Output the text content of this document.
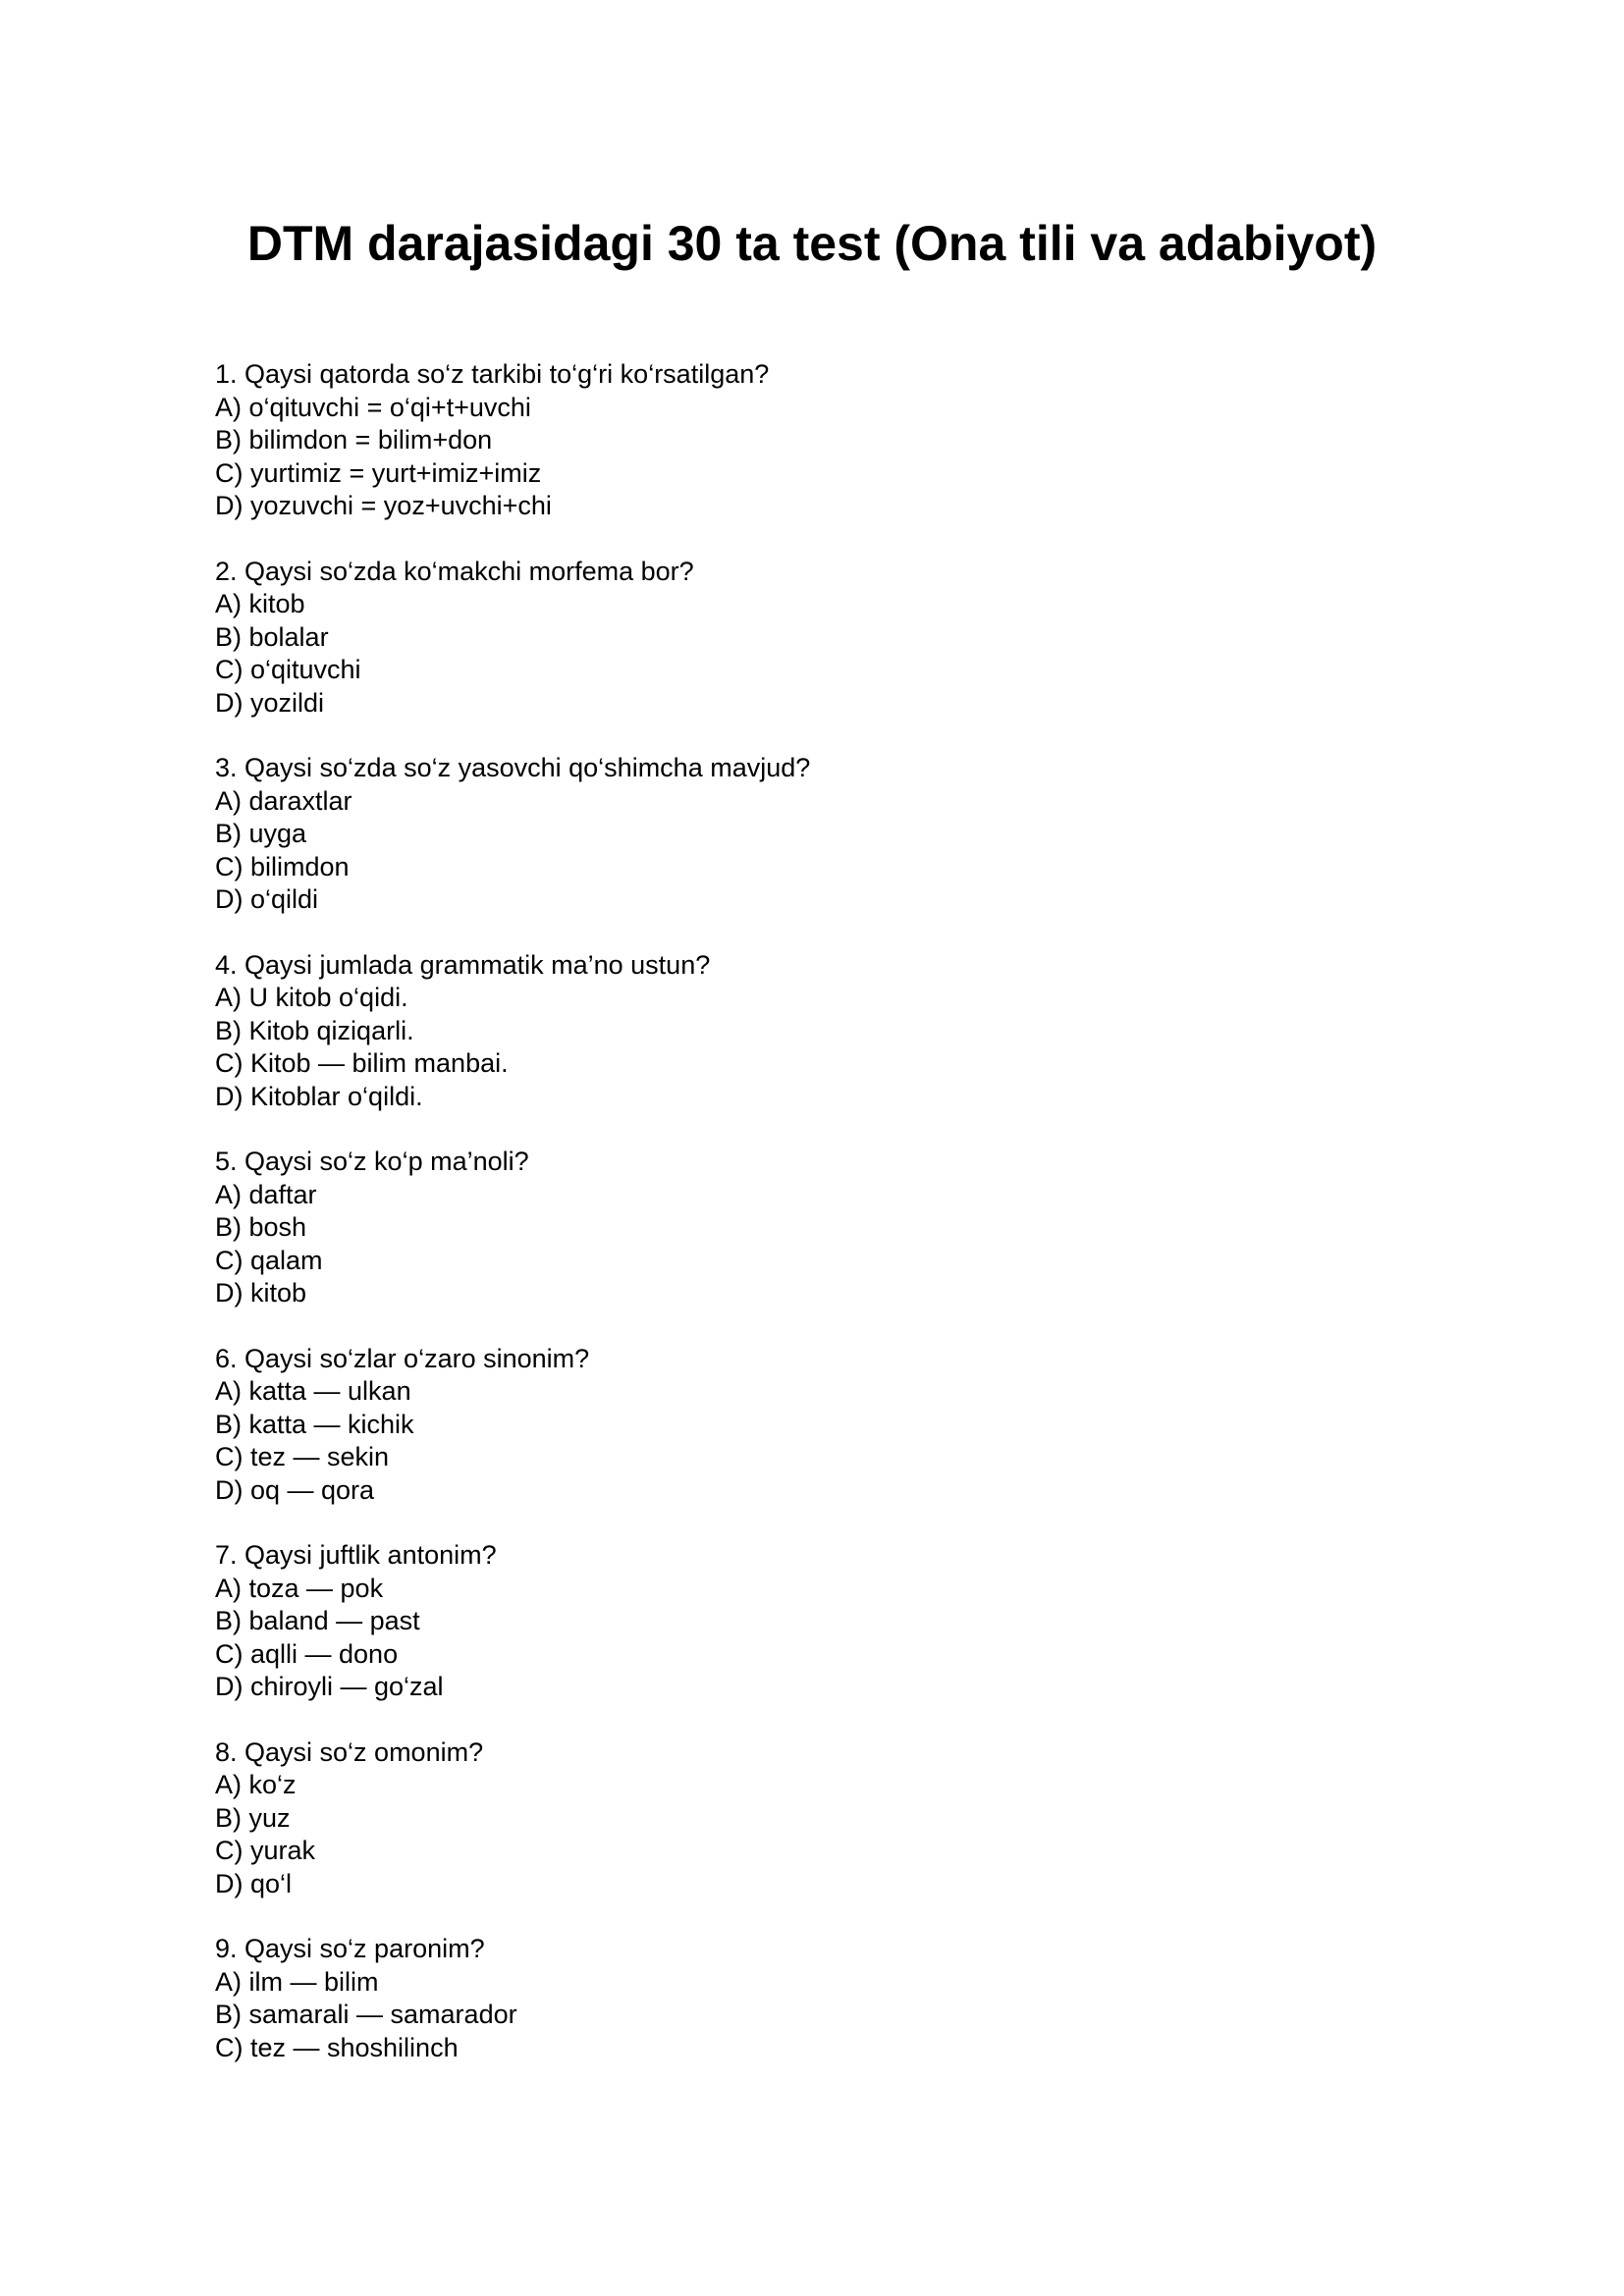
DTM darajasidagi 30 ta test (Ona tili va adabiyot)

1. Qaysi qatorda so‘z tarkibi to‘g‘ri ko‘rsatilgan?

A) o‘qituvchi = o‘qi+t+uvchi

B) bilimdon = bilim+don

C) yurtimiz = yurt+imiz+imiz

D) yozuvchi = yoz+uvchi+chi

2. Qaysi so‘zda ko‘makchi morfema bor?

A) kitob

B) bolalar

C) o‘qituvchi

D) yozildi

3. Qaysi so‘zda so‘z yasovchi qo‘shimcha mavjud?

A) daraxtlar

B) uyga

C) bilimdon

D) o‘qildi

4. Qaysi jumlada grammatik ma’no ustun?

A) U kitob o‘qidi.

B) Kitob qiziqarli.

C) Kitob — bilim manbai.

D) Kitoblar o‘qildi.

5. Qaysi so‘z ko‘p ma’noli?

A) daftar

B) bosh

C) qalam

D) kitob

6. Qaysi so‘zlar o‘zaro sinonim?

A) katta — ulkan

B) katta — kichik

C) tez — sekin

D) oq — qora

7. Qaysi juftlik antonim?

A) toza — pok

B) baland — past

C) aqlli — dono

D) chiroyli — go‘zal

8. Qaysi so‘z omonim?

A) ko‘z

B) yuz

C) yurak

D) qo‘l

9. Qaysi so‘z paronim?

A) ilm — bilim

B) samarali — samarador

C) tez — shoshilinch
